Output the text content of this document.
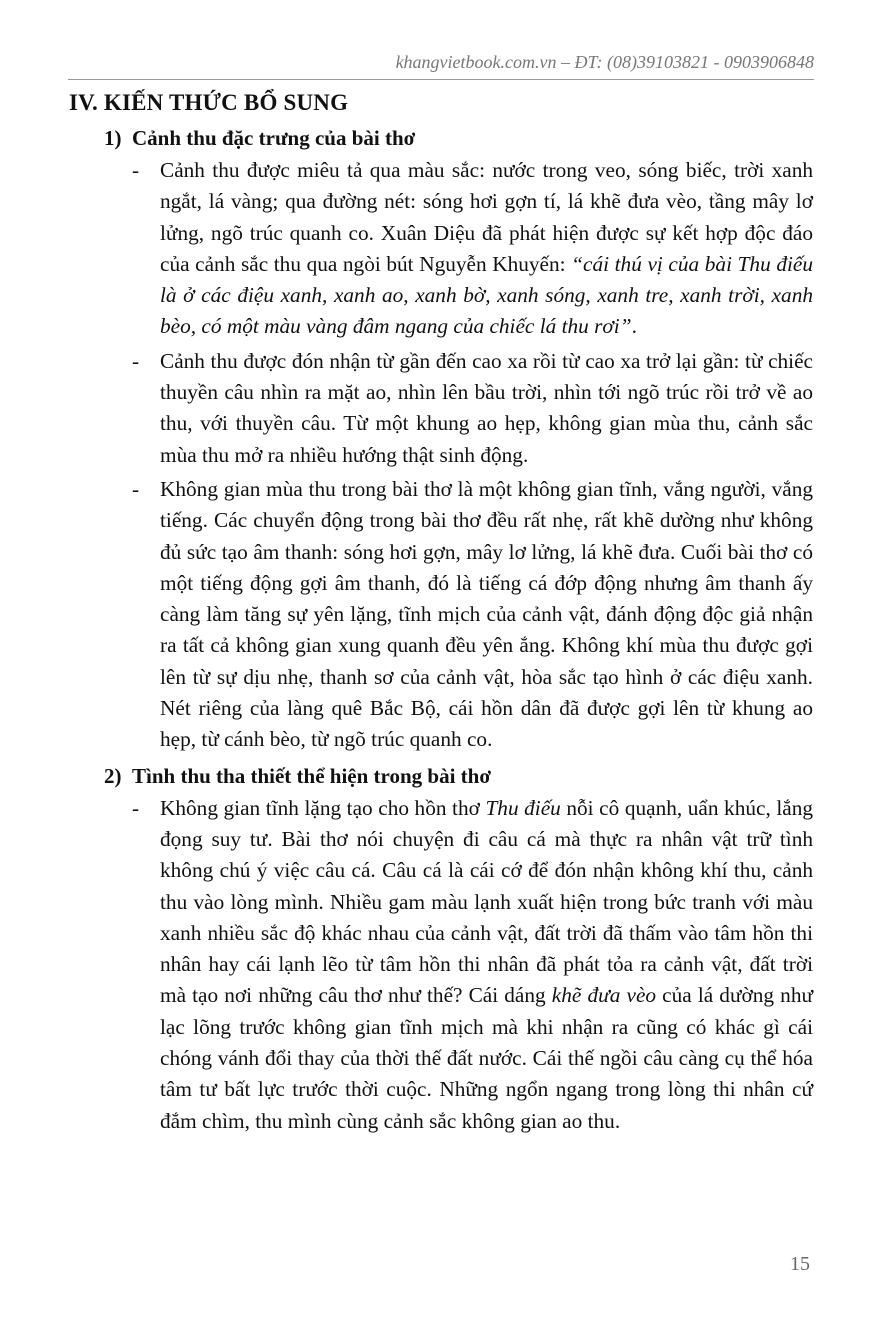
khangvietbook.com.vn – ĐT: (08)39103821 - 0903906848
IV. KIẾN THỨC BỔ SUNG
1) Cảnh thu đặc trưng của bài thơ
- Cảnh thu được miêu tả qua màu sắc: nước trong veo, sóng biếc, trời xanh ngắt, lá vàng; qua đường nét: sóng hơi gợn tí, lá khẽ đưa vèo, tầng mây lơ lửng, ngõ trúc quanh co. Xuân Diệu đã phát hiện được sự kết hợp độc đáo của cảnh sắc thu qua ngòi bút Nguyễn Khuyến: “cái thú vị của bài Thu điếu là ở các điệu xanh, xanh ao, xanh bờ, xanh sóng, xanh tre, xanh trời, xanh bèo, có một màu vàng đâm ngang của chiếc lá thu rơi”.
- Cảnh thu được đón nhận từ gần đến cao xa rồi từ cao xa trở lại gần: từ chiếc thuyền câu nhìn ra mặt ao, nhìn lên bầu trời, nhìn tới ngõ trúc rồi trở về ao thu, với thuyền câu. Từ một khung ao hẹp, không gian mùa thu, cảnh sắc mùa thu mở ra nhiều hướng thật sinh động.
- Không gian mùa thu trong bài thơ là một không gian tĩnh, vắng người, vắng tiếng. Các chuyển động trong bài thơ đều rất nhẹ, rất khẽ dường như không đủ sức tạo âm thanh: sóng hơi gợn, mây lơ lửng, lá khẽ đưa. Cuối bài thơ có một tiếng động gợi âm thanh, đó là tiếng cá đớp động nhưng âm thanh ấy càng làm tăng sự yên lặng, tĩnh mịch của cảnh vật, đánh động độc giả nhận ra tất cả không gian xung quanh đều yên ắng. Không khí mùa thu được gợi lên từ sự dịu nhẹ, thanh sơ của cảnh vật, hòa sắc tạo hình ở các điệu xanh. Nét riêng của làng quê Bắc Bộ, cái hồn dân đã được gợi lên từ khung ao hẹp, từ cánh bèo, từ ngõ trúc quanh co.
2) Tình thu tha thiết thể hiện trong bài thơ
- Không gian tĩnh lặng tạo cho hồn thơ Thu điếu nỗi cô quạnh, uẩn khúc, lắng đọng suy tư. Bài thơ nói chuyện đi câu cá mà thực ra nhân vật trữ tình không chú ý việc câu cá. Câu cá là cái cớ để đón nhận không khí thu, cảnh thu vào lòng mình. Nhiều gam màu lạnh xuất hiện trong bức tranh với màu xanh nhiều sắc độ khác nhau của cảnh vật, đất trời đã thấm vào tâm hồn thi nhân hay cái lạnh lẽo từ tâm hồn thi nhân đã phát tỏa ra cảnh vật, đất trời mà tạo nơi những câu thơ như thế? Cái dáng khẽ đưa vèo của lá dường như lạc lõng trước không gian tĩnh mịch mà khi nhận ra cũng có khác gì cái chóng vánh đổi thay của thời thế đất nước. Cái thế ngồi câu càng cụ thể hóa tâm tư bất lực trước thời cuộc. Những ngổn ngang trong lòng thi nhân cứ đắm chìm, thu mình cùng cảnh sắc không gian ao thu.
15
